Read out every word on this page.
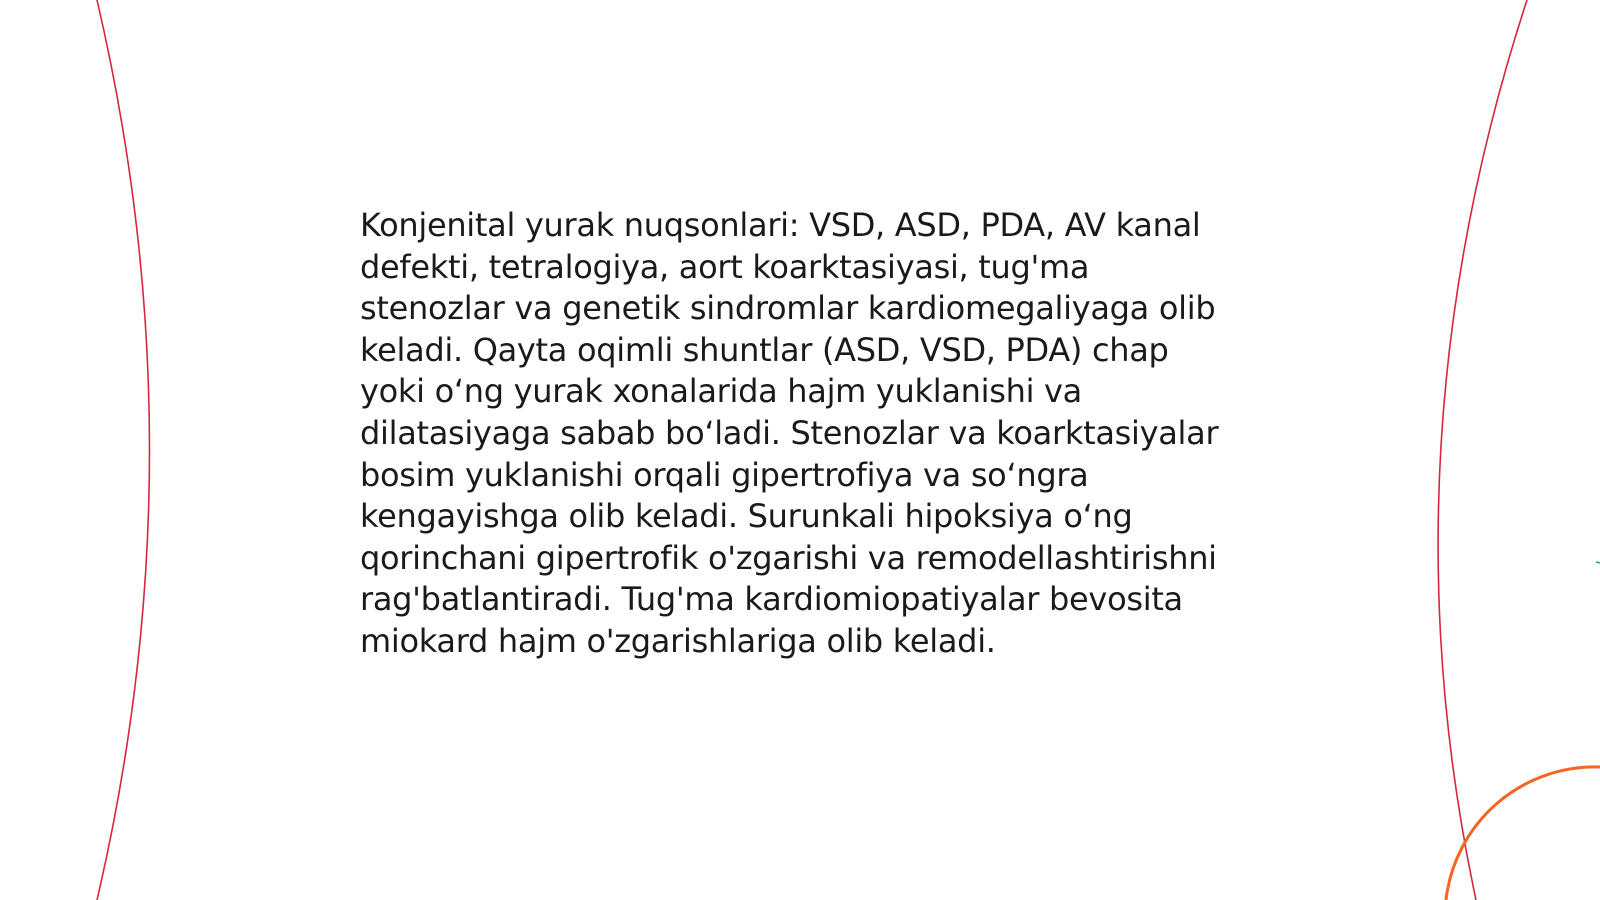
Konjenital yurak nuqsonlari: VSD, ASD, PDA, AV kanal defekti, tetralogiya, aort koarktasiyasi, tug'ma stenozlar va genetik sindromlar kardiomegaliyaga olib keladi. Qayta oqimli shuntlar (ASD, VSD, PDA) chap yoki oʻng yurak xonalarida hajm yuklanishi va dilatasiyaga sabab boʻladi. Stenozlar va koarktasiyalar bosim yuklanishi orqali gipertrofiya va soʻngra kengayishga olib keladi. Surunkali hipoksiya oʻng qorinchani gipertrofik o'zgarishi va remodellashtirishni rag'batlantiradi. Tug'ma kardiomiopatiyalar bevosita miokard hajm o'zgarishlariga olib keladi.
